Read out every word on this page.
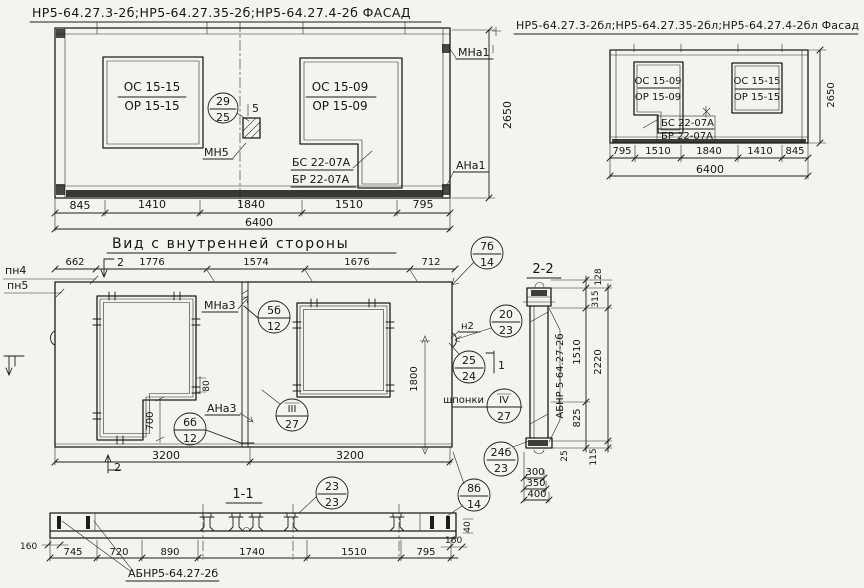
НР5-64.27.3-2б;НР5-64.27.35-2б;НР5-64.27.4-2б ФАСАД
ОС 15-15
ОР 15-15
ОС 15-09
ОР 15-09
БС 22-07А
БР 22-07А
29
25
5
МН5
МНа1
АНа1
2650
845	1410	1840	1510	795
6400
НР5-64.27.3-2бл;НР5-64.27.35-2бл;НР5-64.27.4-2бл Фасад
ОС 15-09
ОР 15-09
БС 22-07А
БР 22-07А
ОС 15-15
ОР 15-15
795 1510	1840	1410 845
6400
2650
Вид с внутренней стороны
пн4
пн5
662	1776	1574	1676	712
2
МНа3	5б
12
80
АНа3
700 6б
12
III
27
1800
н2
20
23
25
24
1
шпонки IV
27
24б
23
7б
14
3200	3200
2
23
23
8б
14
2-2
АБНР 5-64.27-2б
128
315
1510 2220
825
25 115
300
350
400
1-1
160
160
745	720	890	1740	1510	795
40
АБНР5-64.27-2б
